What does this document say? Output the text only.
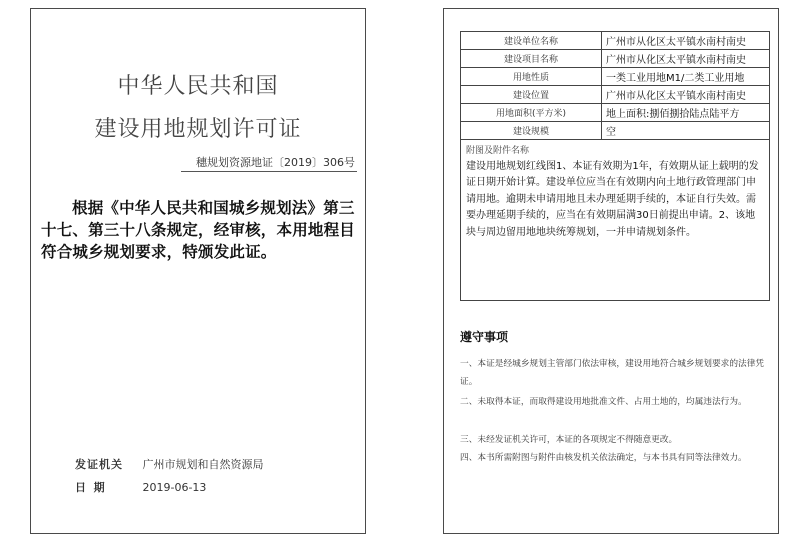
中华人民共和国
建设用地规划许可证
穗规划资源地证〔2019〕306号
根据《中华人民共和国城乡规划法》第三十七、第三十八条规定，经审核，本用地程目符合城乡规划要求，特颁发此证。
发证机关 广州市规划和自然资源局
日  期	2019-06-13
建设单位名称	广州市从化区太平镇水南村南史
建设项目名称	广州市从化区太平镇水南村南史
用地性质	一类工业用地M1/二类工业用地
建设位置	广州市从化区太平镇水南村南史
用地面积(平方米)	地上面积:捌佰捌拾陆点陆平方
建设规模	空

附图及附件名称
建设用地规划红线图1、本证有效期为1年，有效期从证上载明的发证日期开始计算。建设单位应当在有效期内向土地行政管理部门申请用地。逾期未申请用地且未办理延期手续的，本证自行失效。需要办理延期手续的，应当在有效期届满30日前提出申请。2、该地块与周边留用地地块统筹规划，一并申请规划条件。	
遵守事项
一、本证是经城乡规划主管部门依法审核，建设用地符合城乡规划要求的法律凭证。
二、未取得本证，而取得建设用地批准文件、占用土地的，均属违法行为。
三、未经发证机关许可，本证的各项规定不得随意更改。
四、本书所需附图与附件由核发机关依法确定，与本书具有同等法律效力。
